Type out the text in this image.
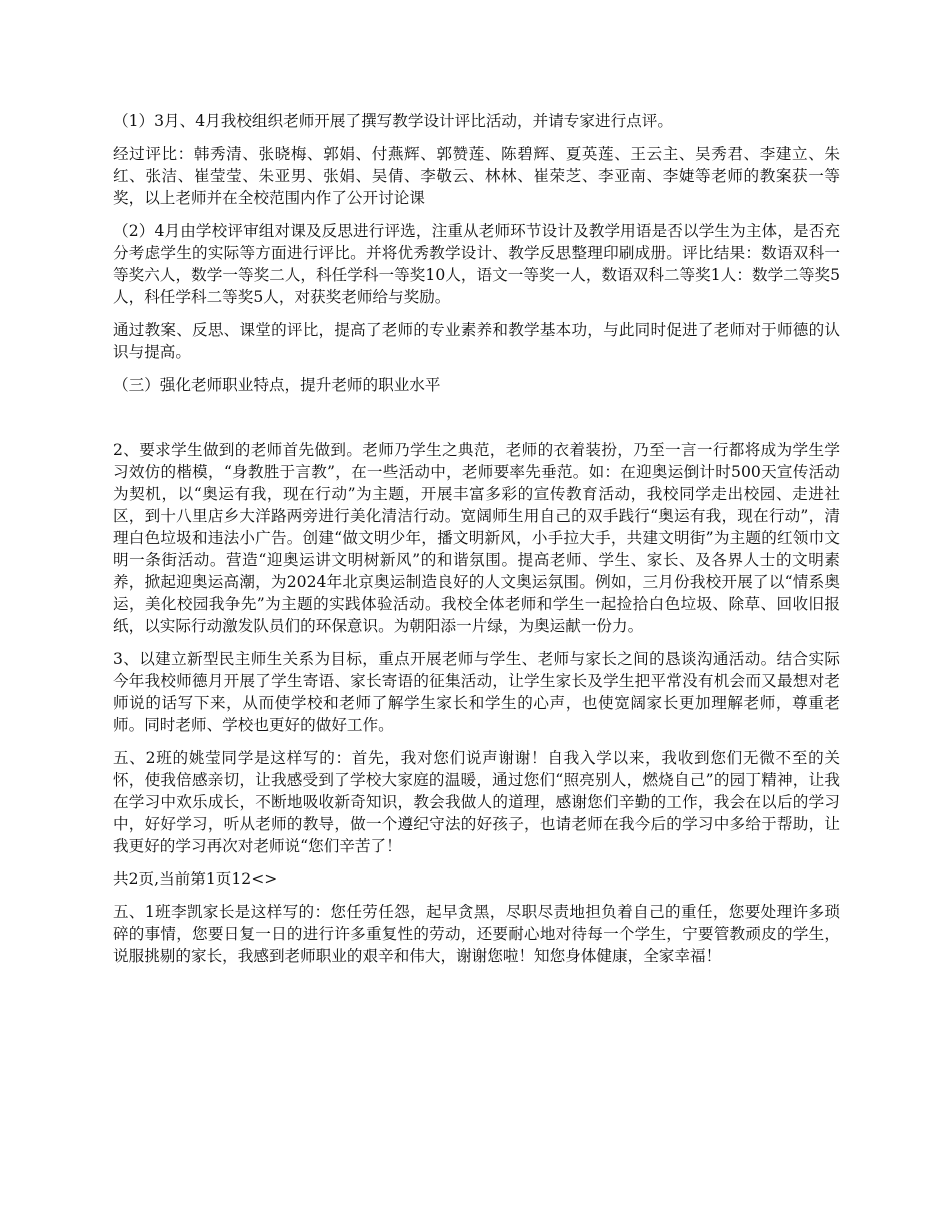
（1）3月、4月我校组织老师开展了撰写教学设计评比活动，并请专家进行点评。

经过评比：韩秀清、张晓梅、郭娟、付燕辉、郭赞莲、陈碧辉、夏英莲、王云主、吴秀君、李建立、朱红、张洁、崔莹莹、朱亚男、张娟、吴倩、李敬云、林林、崔荣芝、李亚南、李婕等老师的教案获一等奖，以上老师并在全校范围内作了公开讨论课

（2）4月由学校评审组对课及反思进行评选，注重从老师环节设计及教学用语是否以学生为主体，是否充分考虑学生的实际等方面进行评比。并将优秀教学设计、教学反思整理印刷成册。评比结果：数语双科一等奖六人，数学一等奖二人，科任学科一等奖10人，语文一等奖一人，数语双科二等奖1人：数学二等奖5人，科任学科二等奖5人，对获奖老师给与奖励。

通过教案、反思、课堂的评比，提高了老师的专业素养和教学基本功，与此同时促进了老师对于师德的认识与提高。

（三）强化老师职业特点，提升老师的职业水平

2、要求学生做到的老师首先做到。老师乃学生之典范，老师的衣着装扮，乃至一言一行都将成为学生学习效仿的楷模，“身教胜于言教”，在一些活动中，老师要率先垂范。如：在迎奥运倒计时500天宣传活动为契机，以“奥运有我，现在行动”为主题，开展丰富多彩的宣传教育活动，我校同学走出校园、走进社区，到十八里店乡大洋路两旁进行美化清洁行动。宽阔师生用自己的双手践行“奥运有我，现在行动”，清理白色垃圾和违法小广告。创建“做文明少年，播文明新风，小手拉大手，共建文明街”为主题的红领巾文明一条街活动。营造“迎奥运讲文明树新风”的和谐氛围。提高老师、学生、家长、及各界人士的文明素养，掀起迎奥运高潮，为2024年北京奥运制造良好的人文奥运氛围。例如，三月份我校开展了以“情系奥运，美化校园我争先”为主题的实践体验活动。我校全体老师和学生一起捡拾白色垃圾、除草、回收旧报纸，以实际行动激发队员们的环保意识。为朝阳添一片绿，为奥运献一份力。

3、以建立新型民主师生关系为目标，重点开展老师与学生、老师与家长之间的恳谈沟通活动。结合实际今年我校师德月开展了学生寄语、家长寄语的征集活动，让学生家长及学生把平常没有机会而又最想对老师说的话写下来，从而使学校和老师了解学生家长和学生的心声，也使宽阔家长更加理解老师，尊重老师。同时老师、学校也更好的做好工作。

五、2班的姚莹同学是这样写的：首先，我对您们说声谢谢！自我入学以来，我收到您们无微不至的关怀，使我倍感亲切，让我感受到了学校大家庭的温暖，通过您们“照亮别人，燃烧自己”的园丁精神，让我在学习中欢乐成长，不断地吸收新奇知识，教会我做人的道理，感谢您们辛勤的工作，我会在以后的学习中，好好学习，听从老师的教导，做一个遵纪守法的好孩子，也请老师在我今后的学习中多给于帮助，让我更好的学习再次对老师说“您们辛苦了！

共2页,当前第1页12<>

五、1班李凯家长是这样写的：您任劳任怨，起早贪黑，尽职尽责地担负着自己的重任，您要处理许多琐碎的事情，您要日复一日的进行许多重复性的劳动，还要耐心地对待每一个学生，宁要管教顽皮的学生，说服挑剔的家长，我感到老师职业的艰辛和伟大，谢谢您啦！知您身体健康，全家幸福！
